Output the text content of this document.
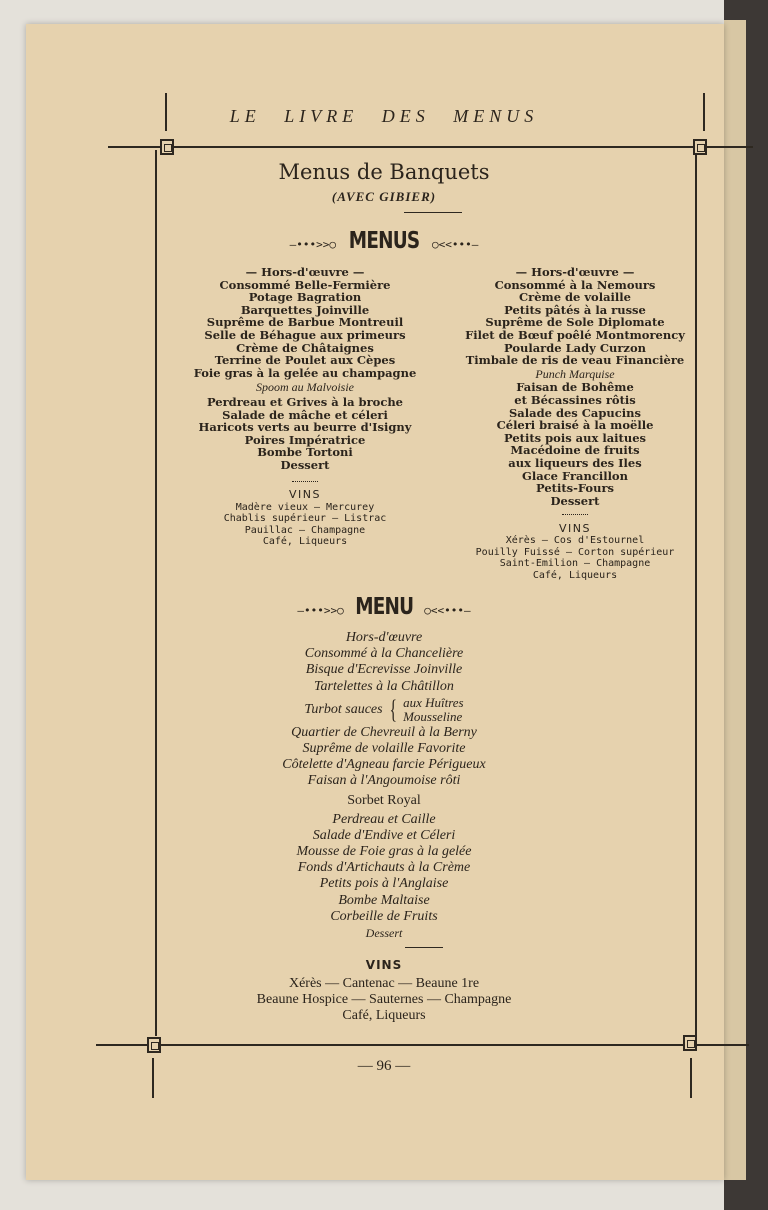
LE LIVRE DES MENUS
Menus de Banquets
(AVEC GIBIER)
–•••>>○ MENUS ○<<•••–
— Hors-d'œuvre —
Consommé Belle-Fermière
Potage Bagration
Barquettes Joinville
Suprême de Barbue Montreuil
Selle de Béhague aux primeurs
Crème de Châtaignes
Terrine de Poulet aux Cèpes
Foie gras à la gelée au champagne
Spoom au Malvoisie
Perdreau et Grives à la broche
Salade de mâche et céleri
Haricots verts au beurre d'Isigny
Poires Impératrice
Bombe Tortoni
Dessert
VINS
Madère vieux — Mercurey
Chablis supérieur — Listrac
Pauillac — Champagne
Café, Liqueurs
— Hors-d'œuvre —
Consommé à la Nemours
Crème de volaille
Petits pâtés à la russe
Suprême de Sole Diplomate
Filet de Bœuf poêlé Montmorency
Poularde Lady Curzon
Timbale de ris de veau Financière
Punch Marquise
Faisan de Bohême
et Bécassines rôtis
Salade des Capucins
Céleri braisé à la moëlle
Petits pois aux laitues
Macédoine de fruits
aux liqueurs des Iles
Glace Francillon
Petits-Fours
Dessert
VINS
Xérès — Cos d'Estournel
Pouilly Fuissé — Corton supérieur
Saint-Emilion — Champagne
Café, Liqueurs
–•••>>○ MENU ○<<•••–
Hors-d'œuvre
Consommé à la Chancelière
Bisque d'Ecrevisse Joinville
Tartelettes à la Châtillon
Turbot sauces { aux Huîtres
Mousseline
Quartier de Chevreuil à la Berny
Suprême de volaille Favorite
Côtelette d'Agneau farcie Périgueux
Faisan à l'Angoumoise rôti
Sorbet Royal
Perdreau et Caille
Salade d'Endive et Céleri
Mousse de Foie gras à la gelée
Fonds d'Artichauts à la Crème
Petits pois à l'Anglaise
Bombe Maltaise
Corbeille de Fruits
Dessert
VINS
Xérès — Cantenac — Beaune 1re
Beaune Hospice — Sauternes — Champagne
Café, Liqueurs
— 96 —
